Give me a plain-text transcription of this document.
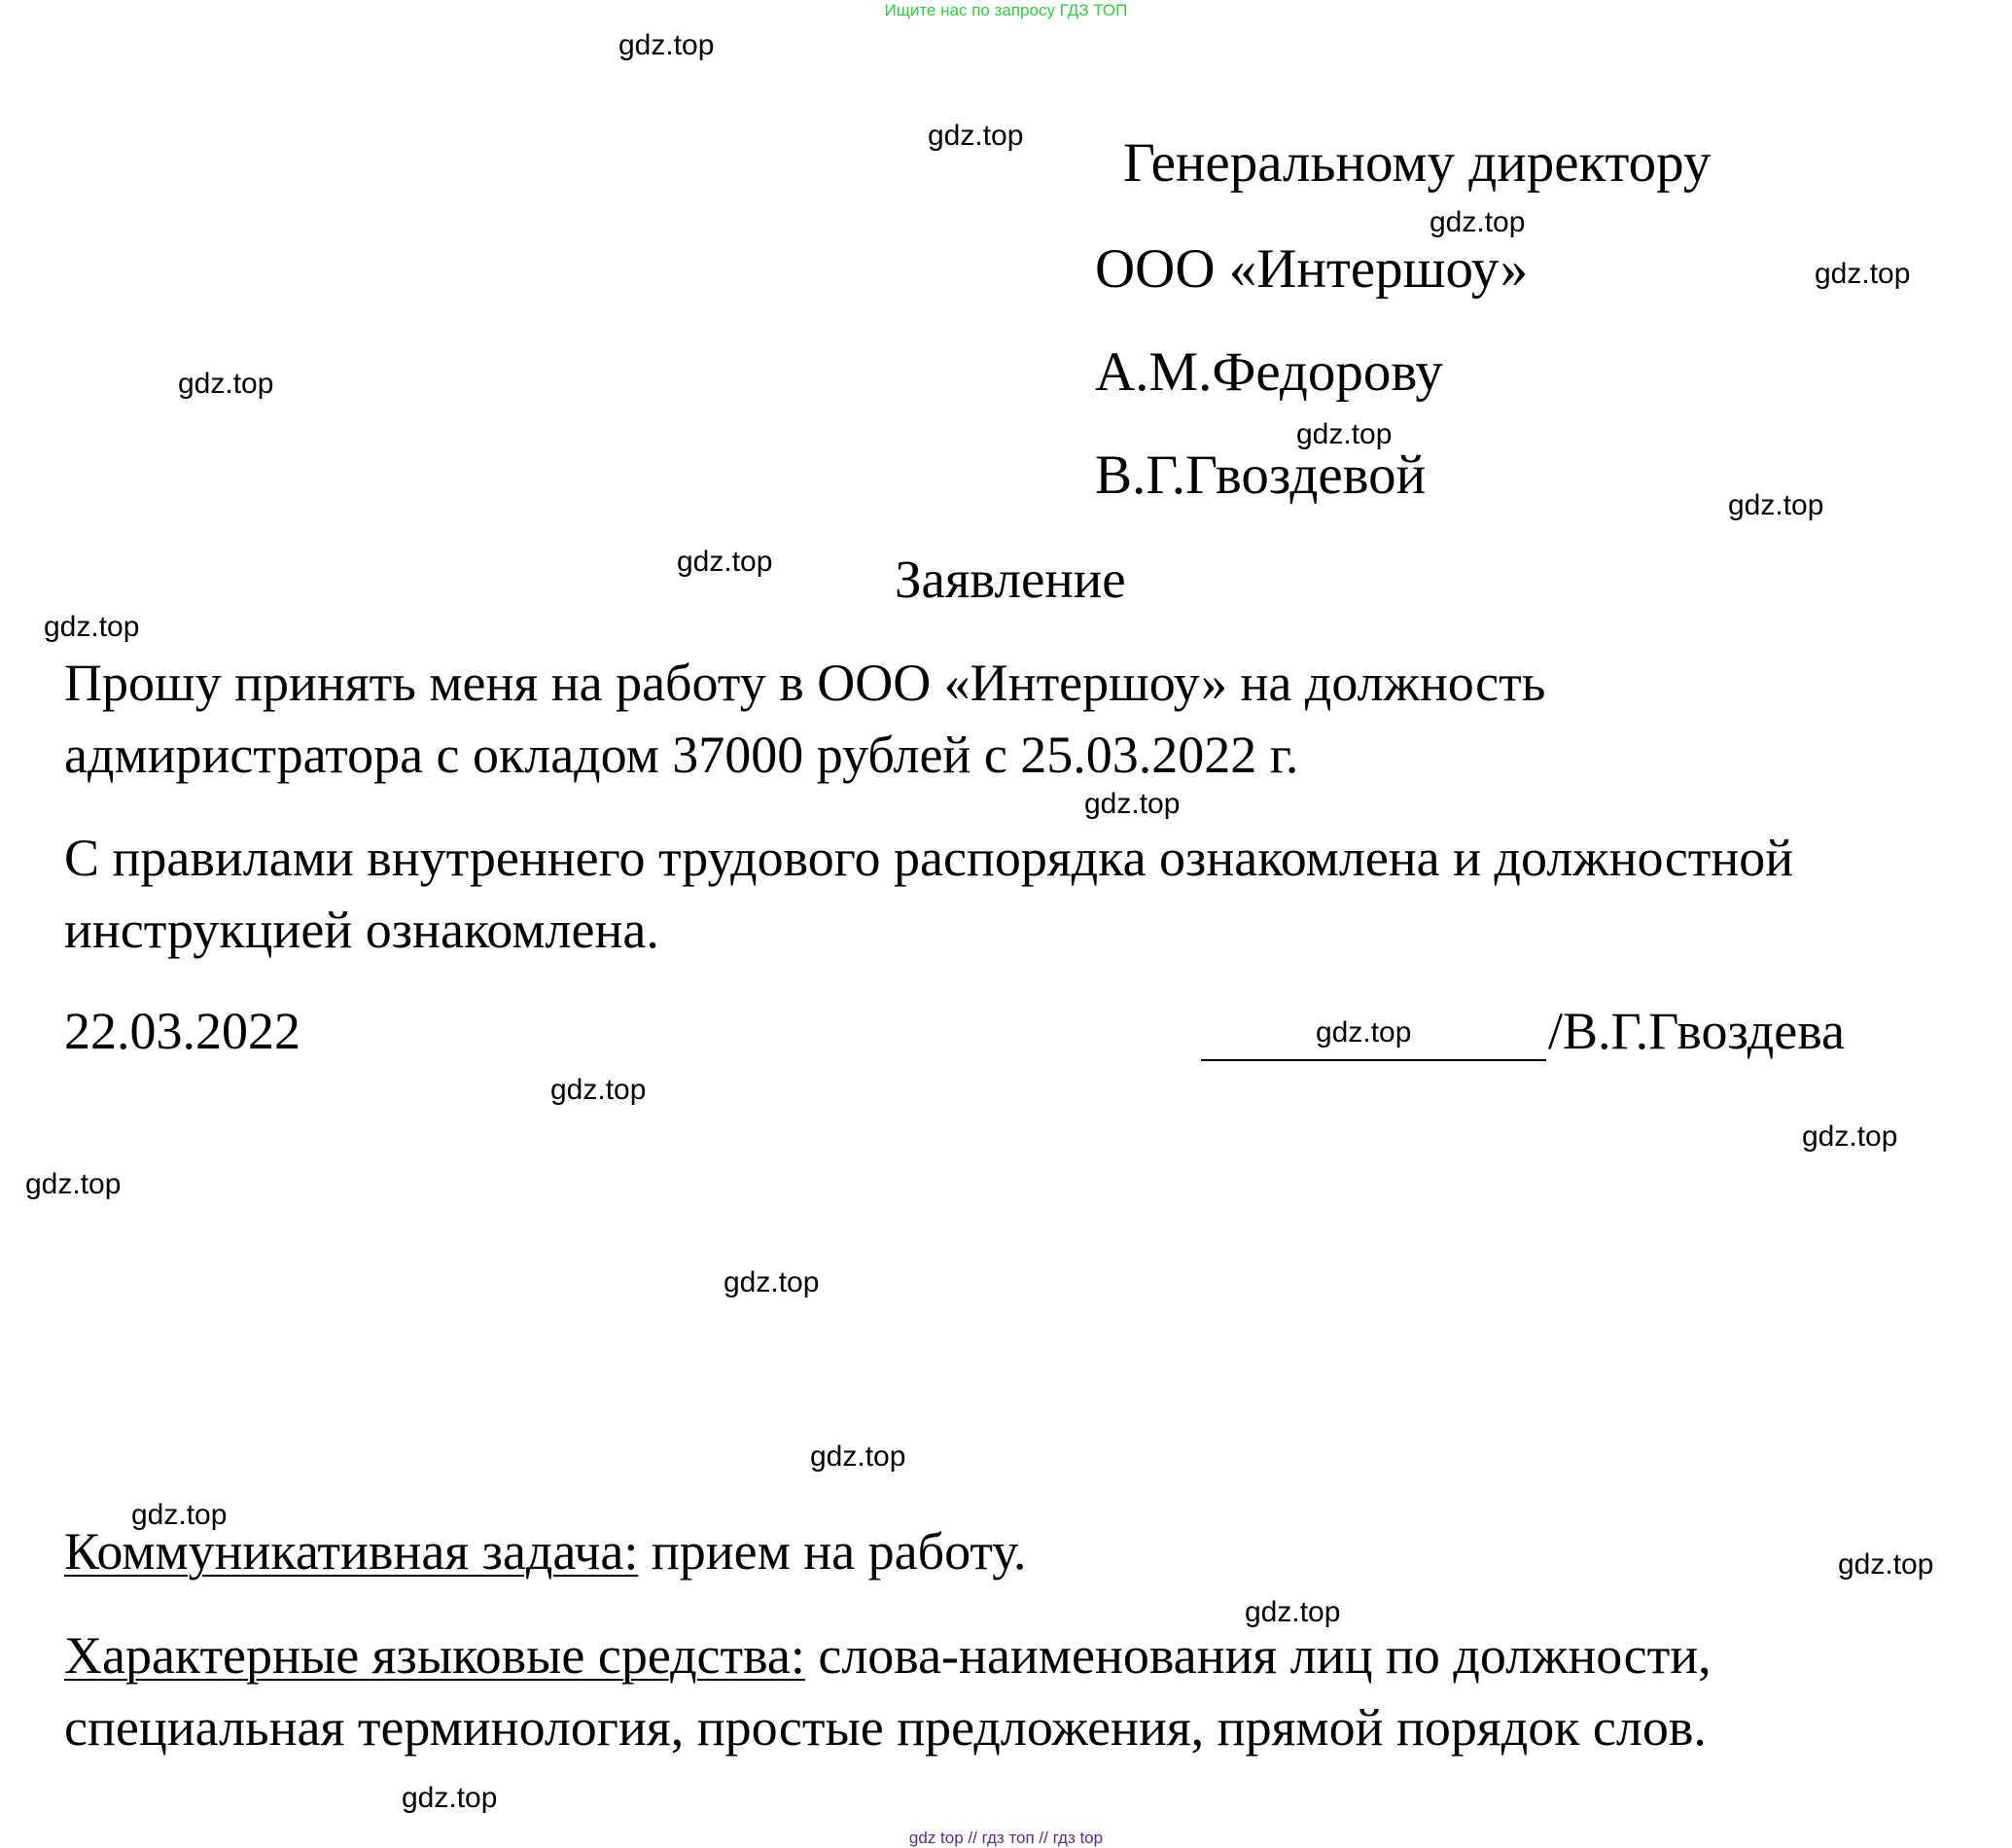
Ищите нас по запросу ГДЗ ТОП
Генеральному директору
ООО «Интершоу»
А.М.Федорову
В.Г.Гвоздевой
Заявление
Прошу принять меня на работу в ООО «Интершоу» на должность
адмиристратора с окладом 37000 рублей с 25.03.2022 г.
С правилами внутреннего трудового распорядка ознакомлена и должностной
инструкцией ознакомлена.
22.03.2022	/В.Г.Гвоздева
Коммуникативная задача: прием на работу.
Характерные языковые средства: слова-наименования лиц по должности,
специальная терминология, простые предложения, прямой порядок слов.
gdz.top
gdz.top
gdz.top
gdz.top
gdz.top
gdz.top
gdz.top
gdz.top
gdz.top
gdz.top
gdz.top
gdz.top
gdz.top
gdz.top
gdz.top
gdz.top
gdz.top
gdz.top
gdz.top
gdz.top
gdz top // гдз топ // гдз top
